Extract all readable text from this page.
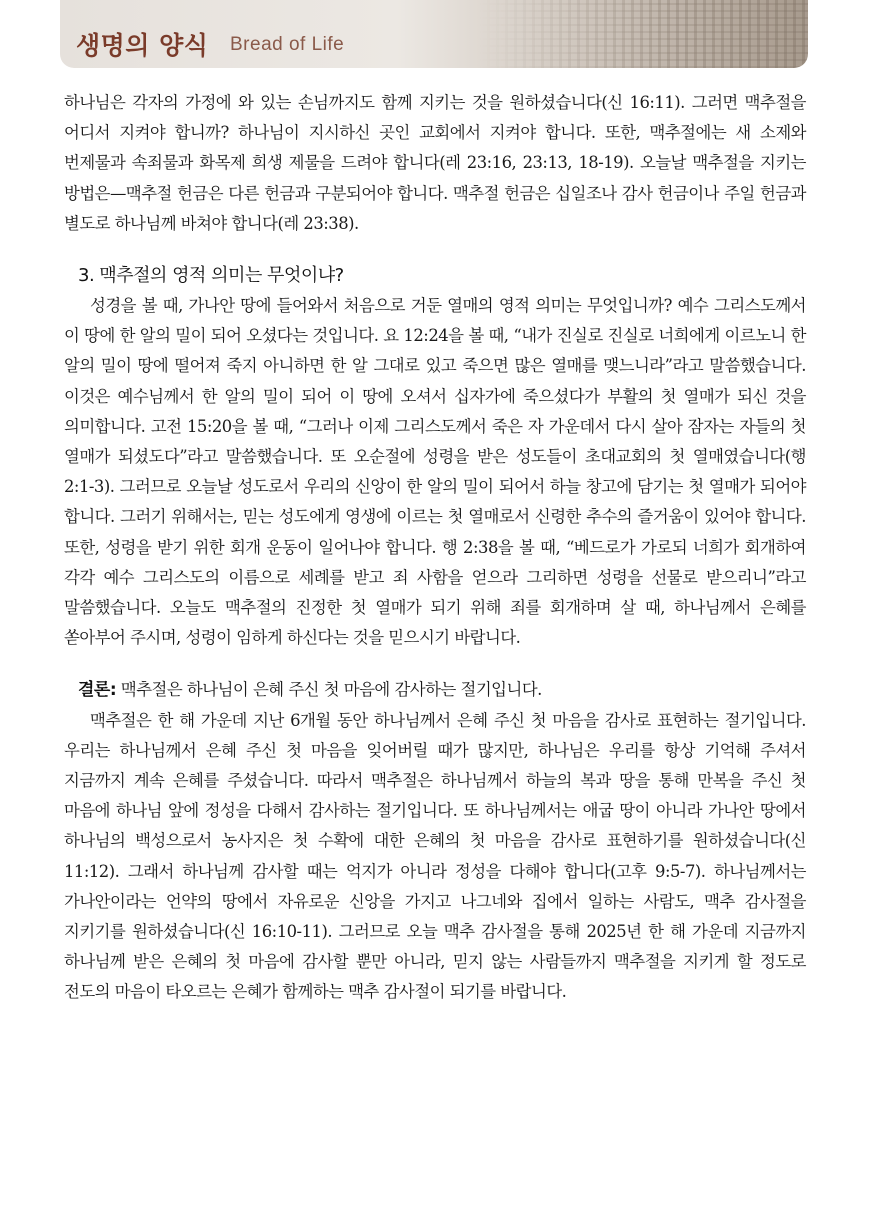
생명의 양식 Bread of Life

하나님은 각자의 가정에 와 있는 손님까지도 함께 지키는 것을 원하셨습니다(신 16:11). 그러면 맥추절을 어디서 지켜야 합니까? 하나님이 지시하신 곳인 교회에서 지켜야 합니다. 또한, 맥추절에는 새 소제와 번제물과 속죄물과 화목제 희생 제물을 드려야 합니다(레 23:16, 23:13, 18-19). 오늘날 맥추절을 지키는 방법은—맥추절 헌금은 다른 헌금과 구분되어야 합니다. 맥추절 헌금은 십일조나 감사 헌금이나 주일 헌금과 별도로 하나님께 바쳐야 합니다(레 23:38).

3. 맥추절의 영적 의미는 무엇이냐?

성경을 볼 때, 가나안 땅에 들어와서 처음으로 거둔 열매의 영적 의미는 무엇입니까? 예수 그리스도께서 이 땅에 한 알의 밀이 되어 오셨다는 것입니다. 요 12:24을 볼 때, “내가 진실로 진실로 너희에게 이르노니 한 알의 밀이 땅에 떨어져 죽지 아니하면 한 알 그대로 있고 죽으면 많은 열매를 맺느니라”라고 말씀했습니다. 이것은 예수님께서 한 알의 밀이 되어 이 땅에 오셔서 십자가에 죽으셨다가 부활의 첫 열매가 되신 것을 의미합니다. 고전 15:20을 볼 때, “그러나 이제 그리스도께서 죽은 자 가운데서 다시 살아 잠자는 자들의 첫 열매가 되셨도다”라고 말씀했습니다. 또 오순절에 성령을 받은 성도들이 초대교회의 첫 열매였습니다(행 2:1-3). 그러므로 오늘날 성도로서 우리의 신앙이 한 알의 밀이 되어서 하늘 창고에 담기는 첫 열매가 되어야 합니다. 그러기 위해서는, 믿는 성도에게 영생에 이르는 첫 열매로서 신령한 추수의 즐거움이 있어야 합니다. 또한, 성령을 받기 위한 회개 운동이 일어나야 합니다. 행 2:38을 볼 때, “베드로가 가로되 너희가 회개하여 각각 예수 그리스도의 이름으로 세례를 받고 죄 사함을 얻으라 그리하면 성령을 선물로 받으리니”라고 말씀했습니다. 오늘도 맥추절의 진정한 첫 열매가 되기 위해 죄를 회개하며 살 때, 하나님께서 은혜를 쏟아부어 주시며, 성령이 임하게 하신다는 것을 믿으시기 바랍니다.

결론: 맥추절은 하나님이 은혜 주신 첫 마음에 감사하는 절기입니다.

맥추절은 한 해 가운데 지난 6개월 동안 하나님께서 은혜 주신 첫 마음을 감사로 표현하는 절기입니다. 우리는 하나님께서 은혜 주신 첫 마음을 잊어버릴 때가 많지만, 하나님은 우리를 항상 기억해 주셔서 지금까지 계속 은혜를 주셨습니다. 따라서 맥추절은 하나님께서 하늘의 복과 땅을 통해 만복을 주신 첫 마음에 하나님 앞에 정성을 다해서 감사하는 절기입니다. 또 하나님께서는 애굽 땅이 아니라 가나안 땅에서 하나님의 백성으로서 농사지은 첫 수확에 대한 은혜의 첫 마음을 감사로 표현하기를 원하셨습니다(신 11:12). 그래서 하나님께 감사할 때는 억지가 아니라 정성을 다해야 합니다(고후 9:5-7). 하나님께서는 가나안이라는 언약의 땅에서 자유로운 신앙을 가지고 나그네와 집에서 일하는 사람도, 맥추 감사절을 지키기를 원하셨습니다(신 16:10-11). 그러므로 오늘 맥추 감사절을 통해 2025년 한 해 가운데 지금까지 하나님께 받은 은혜의 첫 마음에 감사할 뿐만 아니라, 믿지 않는 사람들까지 맥추절을 지키게 할 정도로 전도의 마음이 타오르는 은혜가 함께하는 맥추 감사절이 되기를 바랍니다.
